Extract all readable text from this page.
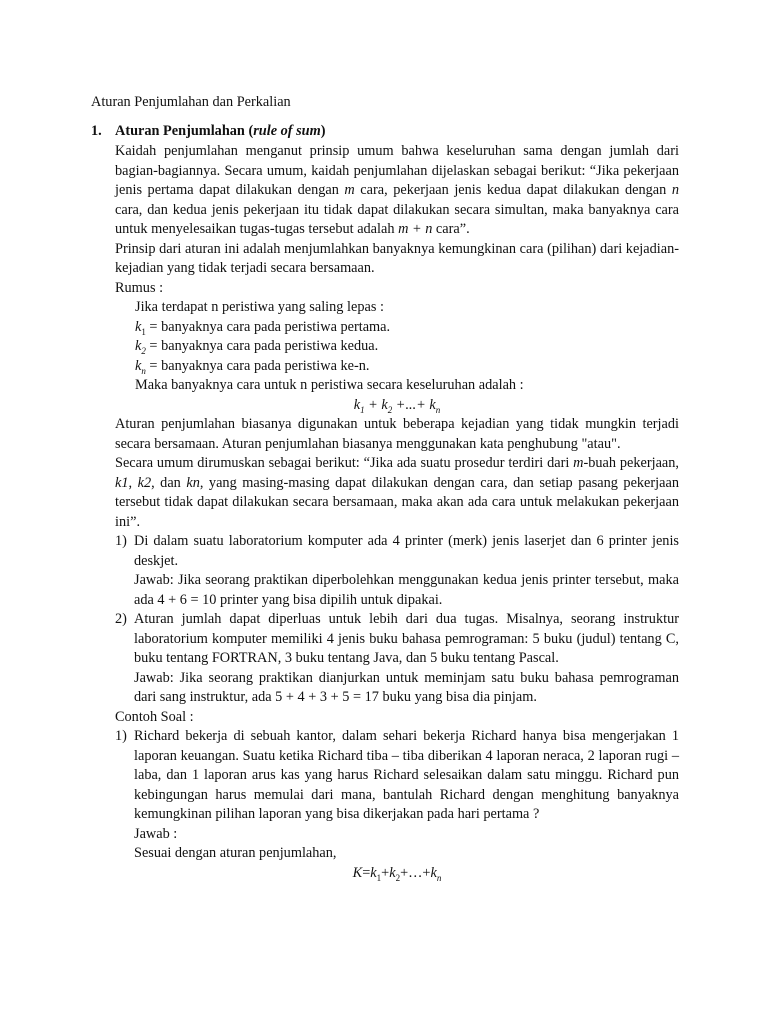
Aturan Penjumlahan dan Perkalian
1. Aturan Penjumlahan (rule of sum)
Kaidah penjumlahan menganut prinsip umum bahwa keseluruhan sama dengan jumlah dari bagian-bagiannya. Secara umum, kaidah penjumlahan dijelaskan sebagai berikut: “Jika pekerjaan jenis pertama dapat dilakukan dengan m cara, pekerjaan jenis kedua dapat dilakukan dengan n cara, dan kedua jenis pekerjaan itu tidak dapat dilakukan secara simultan, maka banyaknya cara untuk menyelesaikan tugas-tugas tersebut adalah m + n cara”.
Prinsip dari aturan ini adalah menjumlahkan banyaknya kemungkinan cara (pilihan) dari kejadian-kejadian yang tidak terjadi secara bersamaan.
Rumus :
Jika terdapat n peristiwa yang saling lepas :
$k_1$ = banyaknya cara pada peristiwa pertama.
$k_2$ = banyaknya cara pada peristiwa kedua.
$k_n$ = banyaknya cara pada peristiwa ke-n.
Maka banyaknya cara untuk n peristiwa secara keseluruhan adalah :
$k_1 + k_2$ +...+ $k_n$
Aturan penjumlahan biasanya digunakan untuk beberapa kejadian yang tidak mungkin terjadi secara bersamaan. Aturan penjumlahan biasanya menggunakan kata penghubung "atau".
Secara umum dirumuskan sebagai berikut: “Jika ada suatu prosedur terdiri dari m-buah pekerjaan, k1, k2, dan kn, yang masing-masing dapat dilakukan dengan cara, dan setiap pasang pekerjaan tersebut tidak dapat dilakukan secara bersamaan, maka akan ada cara untuk melakukan pekerjaan ini”.
1) Di dalam suatu laboratorium komputer ada 4 printer (merk) jenis laserjet dan 6 printer jenis deskjet.
Jawab: Jika seorang praktikan diperbolehkan menggunakan kedua jenis printer tersebut, maka ada 4 + 6 = 10 printer yang bisa dipilih untuk dipakai.
2) Aturan jumlah dapat diperluas untuk lebih dari dua tugas. Misalnya, seorang instruktur laboratorium komputer memiliki 4 jenis buku bahasa pemrograman: 5 buku (judul) tentang C, buku tentang FORTRAN, 3 buku tentang Java, dan 5 buku tentang Pascal.
Jawab: Jika seorang praktikan dianjurkan untuk meminjam satu buku bahasa pemrograman dari sang instruktur, ada 5 + 4 + 3 + 5 = 17 buku yang bisa dia pinjam.
Contoh Soal :
1) Richard bekerja di sebuah kantor, dalam sehari bekerja Richard hanya bisa mengerjakan 1 laporan keuangan. Suatu ketika Richard tiba – tiba diberikan 4 laporan neraca, 2 laporan rugi – laba, dan 1 laporan arus kas yang harus Richard selesaikan dalam satu minggu. Richard pun kebingungan harus memulai dari mana, bantulah Richard dengan menghitung banyaknya kemungkinan pilihan laporan yang bisa dikerjakan pada hari pertama ?
Jawab :
Sesuai dengan aturan penjumlahan,
$K=k_1+k_2+\dots+k_n$
